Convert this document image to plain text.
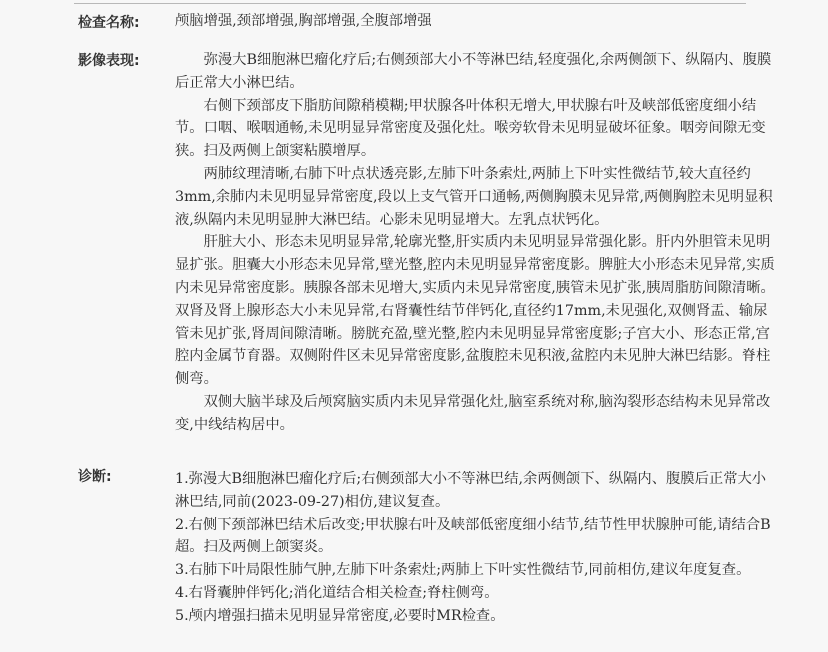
检查名称: 颅脑增强,颈部增强,胸部增强,全腹部增强
影像表现:	弥漫大B细胞淋巴瘤化疗后;右侧颈部大小不等淋巴结,轻度强化,余两侧颌下、纵隔内、腹膜后正常大小淋巴结。

右侧下颈部皮下脂肪间隙稍模糊;甲状腺各叶体积无增大,甲状腺右叶及峡部低密度细小结节。口咽、喉咽通畅,未见明显异常密度及强化灶。喉旁软骨未见明显破坏征象。咽旁间隙无变狭。扫及两侧上颌窦粘膜增厚。

两肺纹理清晰,右肺下叶点状透亮影,左肺下叶条索灶,两肺上下叶实性微结节,较大直径约3mm,余肺内未见明显异常密度,段以上支气管开口通畅,两侧胸膜未见异常,两侧胸腔未见明显积液,纵隔内未见明显肿大淋巴结。心影未见明显增大。左乳点状钙化。

肝脏大小、形态未见明显异常,轮廓光整,肝实质内未见明显异常强化影。肝内外胆管未见明显扩张。胆囊大小形态未见异常,壁光整,腔内未见明显异常密度影。脾脏大小形态未见异常,实质内未见异常密度影。胰腺各部未见增大,实质内未见异常密度,胰管未见扩张,胰周脂肪间隙清晰。双肾及肾上腺形态大小未见异常,右肾囊性结节伴钙化,直径约17mm,未见强化,双侧肾盂、输尿管未见扩张,肾周间隙清晰。膀胱充盈,壁光整,腔内未见明显异常密度影;子宫大小、形态正常,宫腔内金属节育器。双侧附件区未见异常密度影,盆腹腔未见积液,盆腔内未见肿大淋巴结影。脊柱侧弯。

双侧大脑半球及后颅窝脑实质内未见异常强化灶,脑室系统对称,脑沟裂形态结构未见异常改变,中线结构居中。

诊断:	1.弥漫大B细胞淋巴瘤化疗后;右侧颈部大小不等淋巴结,余两侧颌下、纵隔内、腹膜后正常大小淋巴结,同前(2023-09-27)相仿,建议复查。

2.右侧下颈部淋巴结术后改变;甲状腺右叶及峡部低密度细小结节,结节性甲状腺肿可能,请结合B超。扫及两侧上颌窦炎。

3.右肺下叶局限性肺气肿,左肺下叶条索灶;两肺上下叶实性微结节,同前相仿,建议年度复查。

4.右肾囊肿伴钙化;消化道结合相关检查;脊柱侧弯。

5.颅内增强扫描未见明显异常密度,必要时MR检查。
